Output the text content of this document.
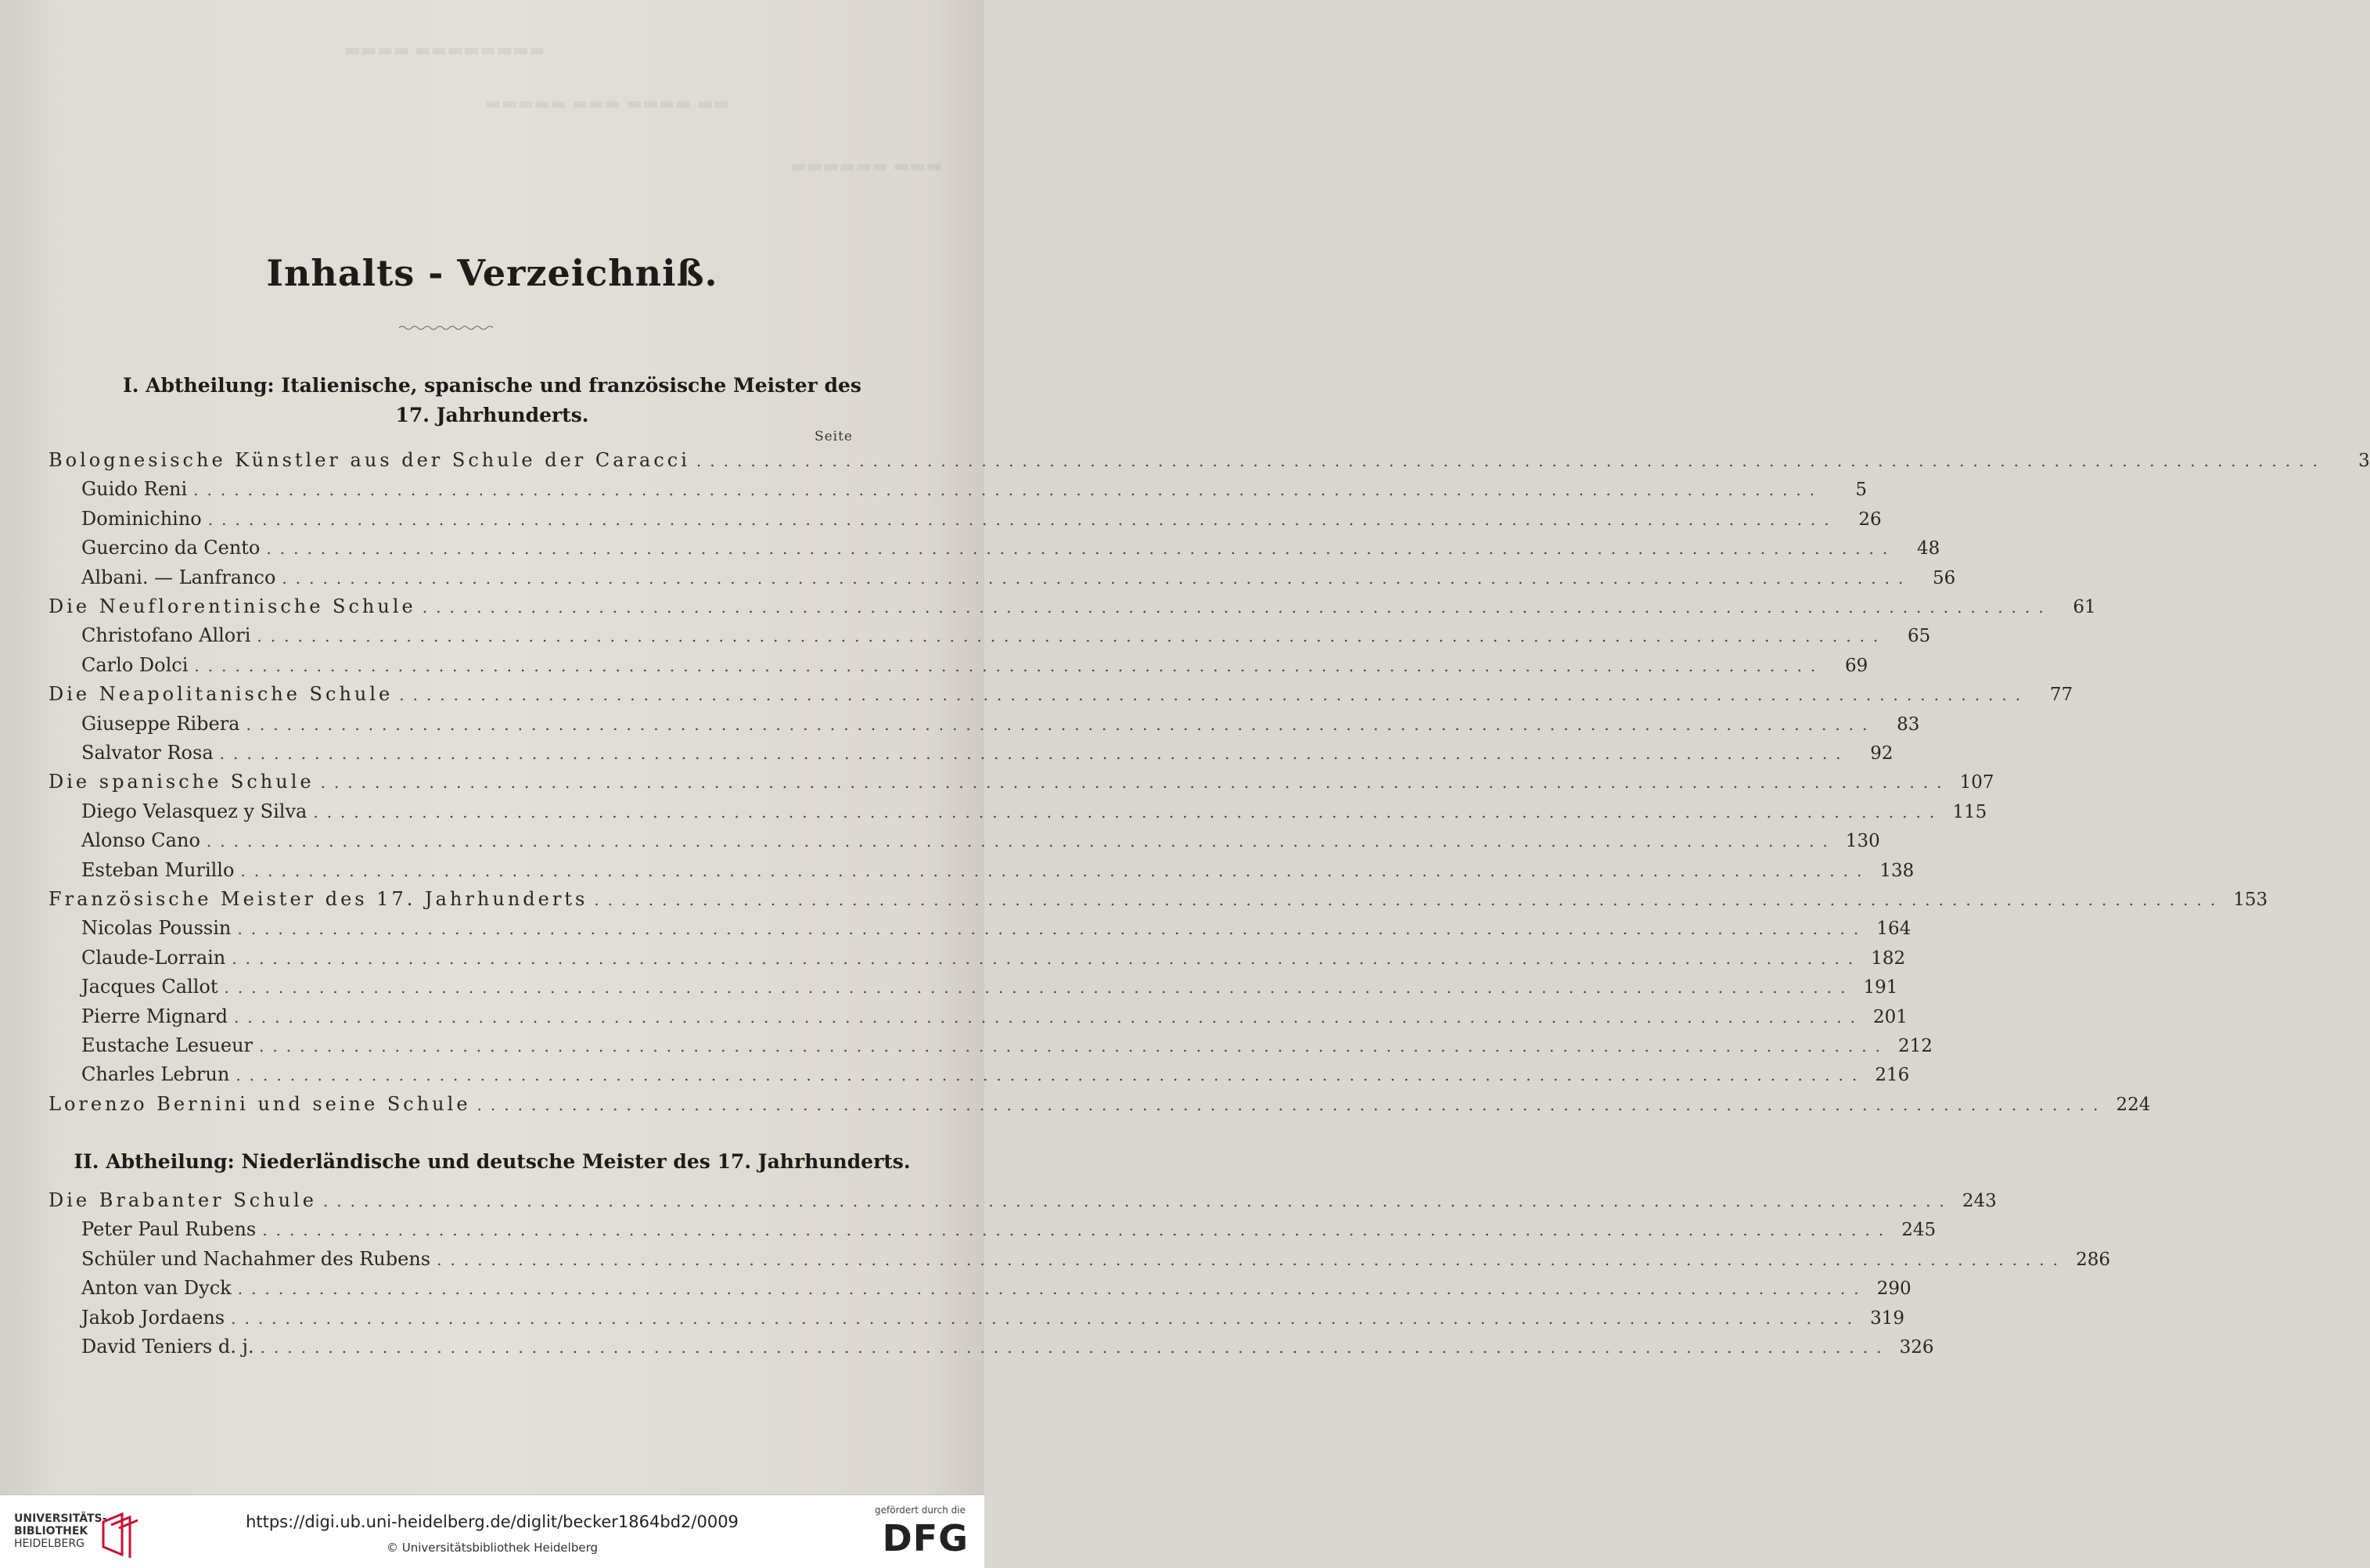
▬▬▬▬ ▬▬▬▬▬▬▬▬
▬▬▬▬▬ ▬▬▬ ▬▬▬▬ ▬▬
▬▬▬▬▬▬ ▬▬▬
Inhalts - Verzeichniß.
I. Abtheilung: Italienische, spanische und französische Meister des
17. Jahrhunderts.
Seite
Bolognesische Künstler aus der Schule der Caracci ........................................................................................................................	3
Guido Reni ........................................................................................................................	5
Dominichino ........................................................................................................................	26
Guercino da Cento ........................................................................................................................	48
Albani. — Lanfranco ........................................................................................................................	56
Die Neuflorentinische Schule ........................................................................................................................	61
Christofano Allori ........................................................................................................................	65
Carlo Dolci ........................................................................................................................	69
Die Neapolitanische Schule ........................................................................................................................	77
Giuseppe Ribera ........................................................................................................................	83
Salvator Rosa ........................................................................................................................	92
Die spanische Schule ........................................................................................................................ 107
Diego Velasquez y Silva ........................................................................................................................ 115
Alonso Cano ........................................................................................................................ 130
Esteban Murillo ........................................................................................................................ 138
Französische Meister des 17. Jahrhunderts ........................................................................................................................ 153
Nicolas Poussin ........................................................................................................................ 164
Claude-Lorrain ........................................................................................................................ 182
Jacques Callot ........................................................................................................................ 191
Pierre Mignard ........................................................................................................................ 201
Eustache Lesueur ........................................................................................................................ 212
Charles Lebrun ........................................................................................................................ 216
Lorenzo Bernini und seine Schule ........................................................................................................................ 224
II. Abtheilung: Niederländische und deutsche Meister des 17. Jahrhunderts.
Die Brabanter Schule ........................................................................................................................ 243
Peter Paul Rubens ........................................................................................................................ 245
Schüler und Nachahmer des Rubens ........................................................................................................................ 286
Anton van Dyck ........................................................................................................................ 290
Jakob Jordaens ........................................................................................................................ 319
David Teniers d. j. ........................................................................................................................ 326
UNIVERSITÄTS-
BIBLIOTHEK
HEIDELBERG
https://digi.ub.uni-heidelberg.de/diglit/becker1864bd2/0009
© Universitätsbibliothek Heidelberg
gefördert durch die
DFG
